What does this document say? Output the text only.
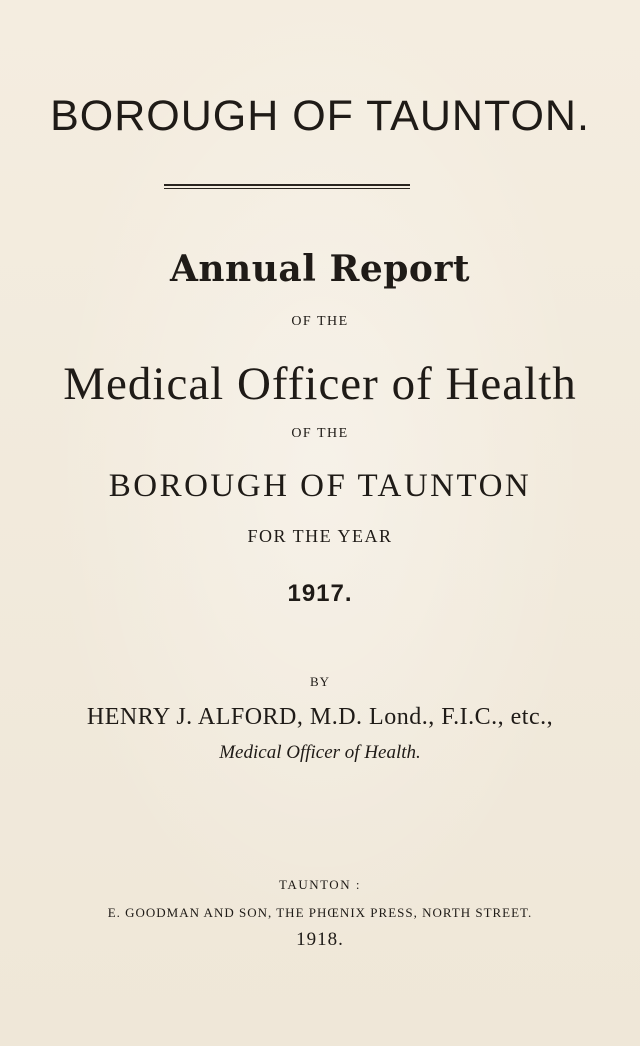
BOROUGH OF TAUNTON.
Annual Report
OF THE
Medical Officer of Health
OF THE
BOROUGH OF TAUNTON
FOR THE YEAR
1917.
BY
HENRY J. ALFORD, M.D. Lond., F.I.C., etc.,
Medical Officer of Health.
TAUNTON :
E. GOODMAN AND SON, THE PHŒNIX PRESS, NORTH STREET.
1918.
